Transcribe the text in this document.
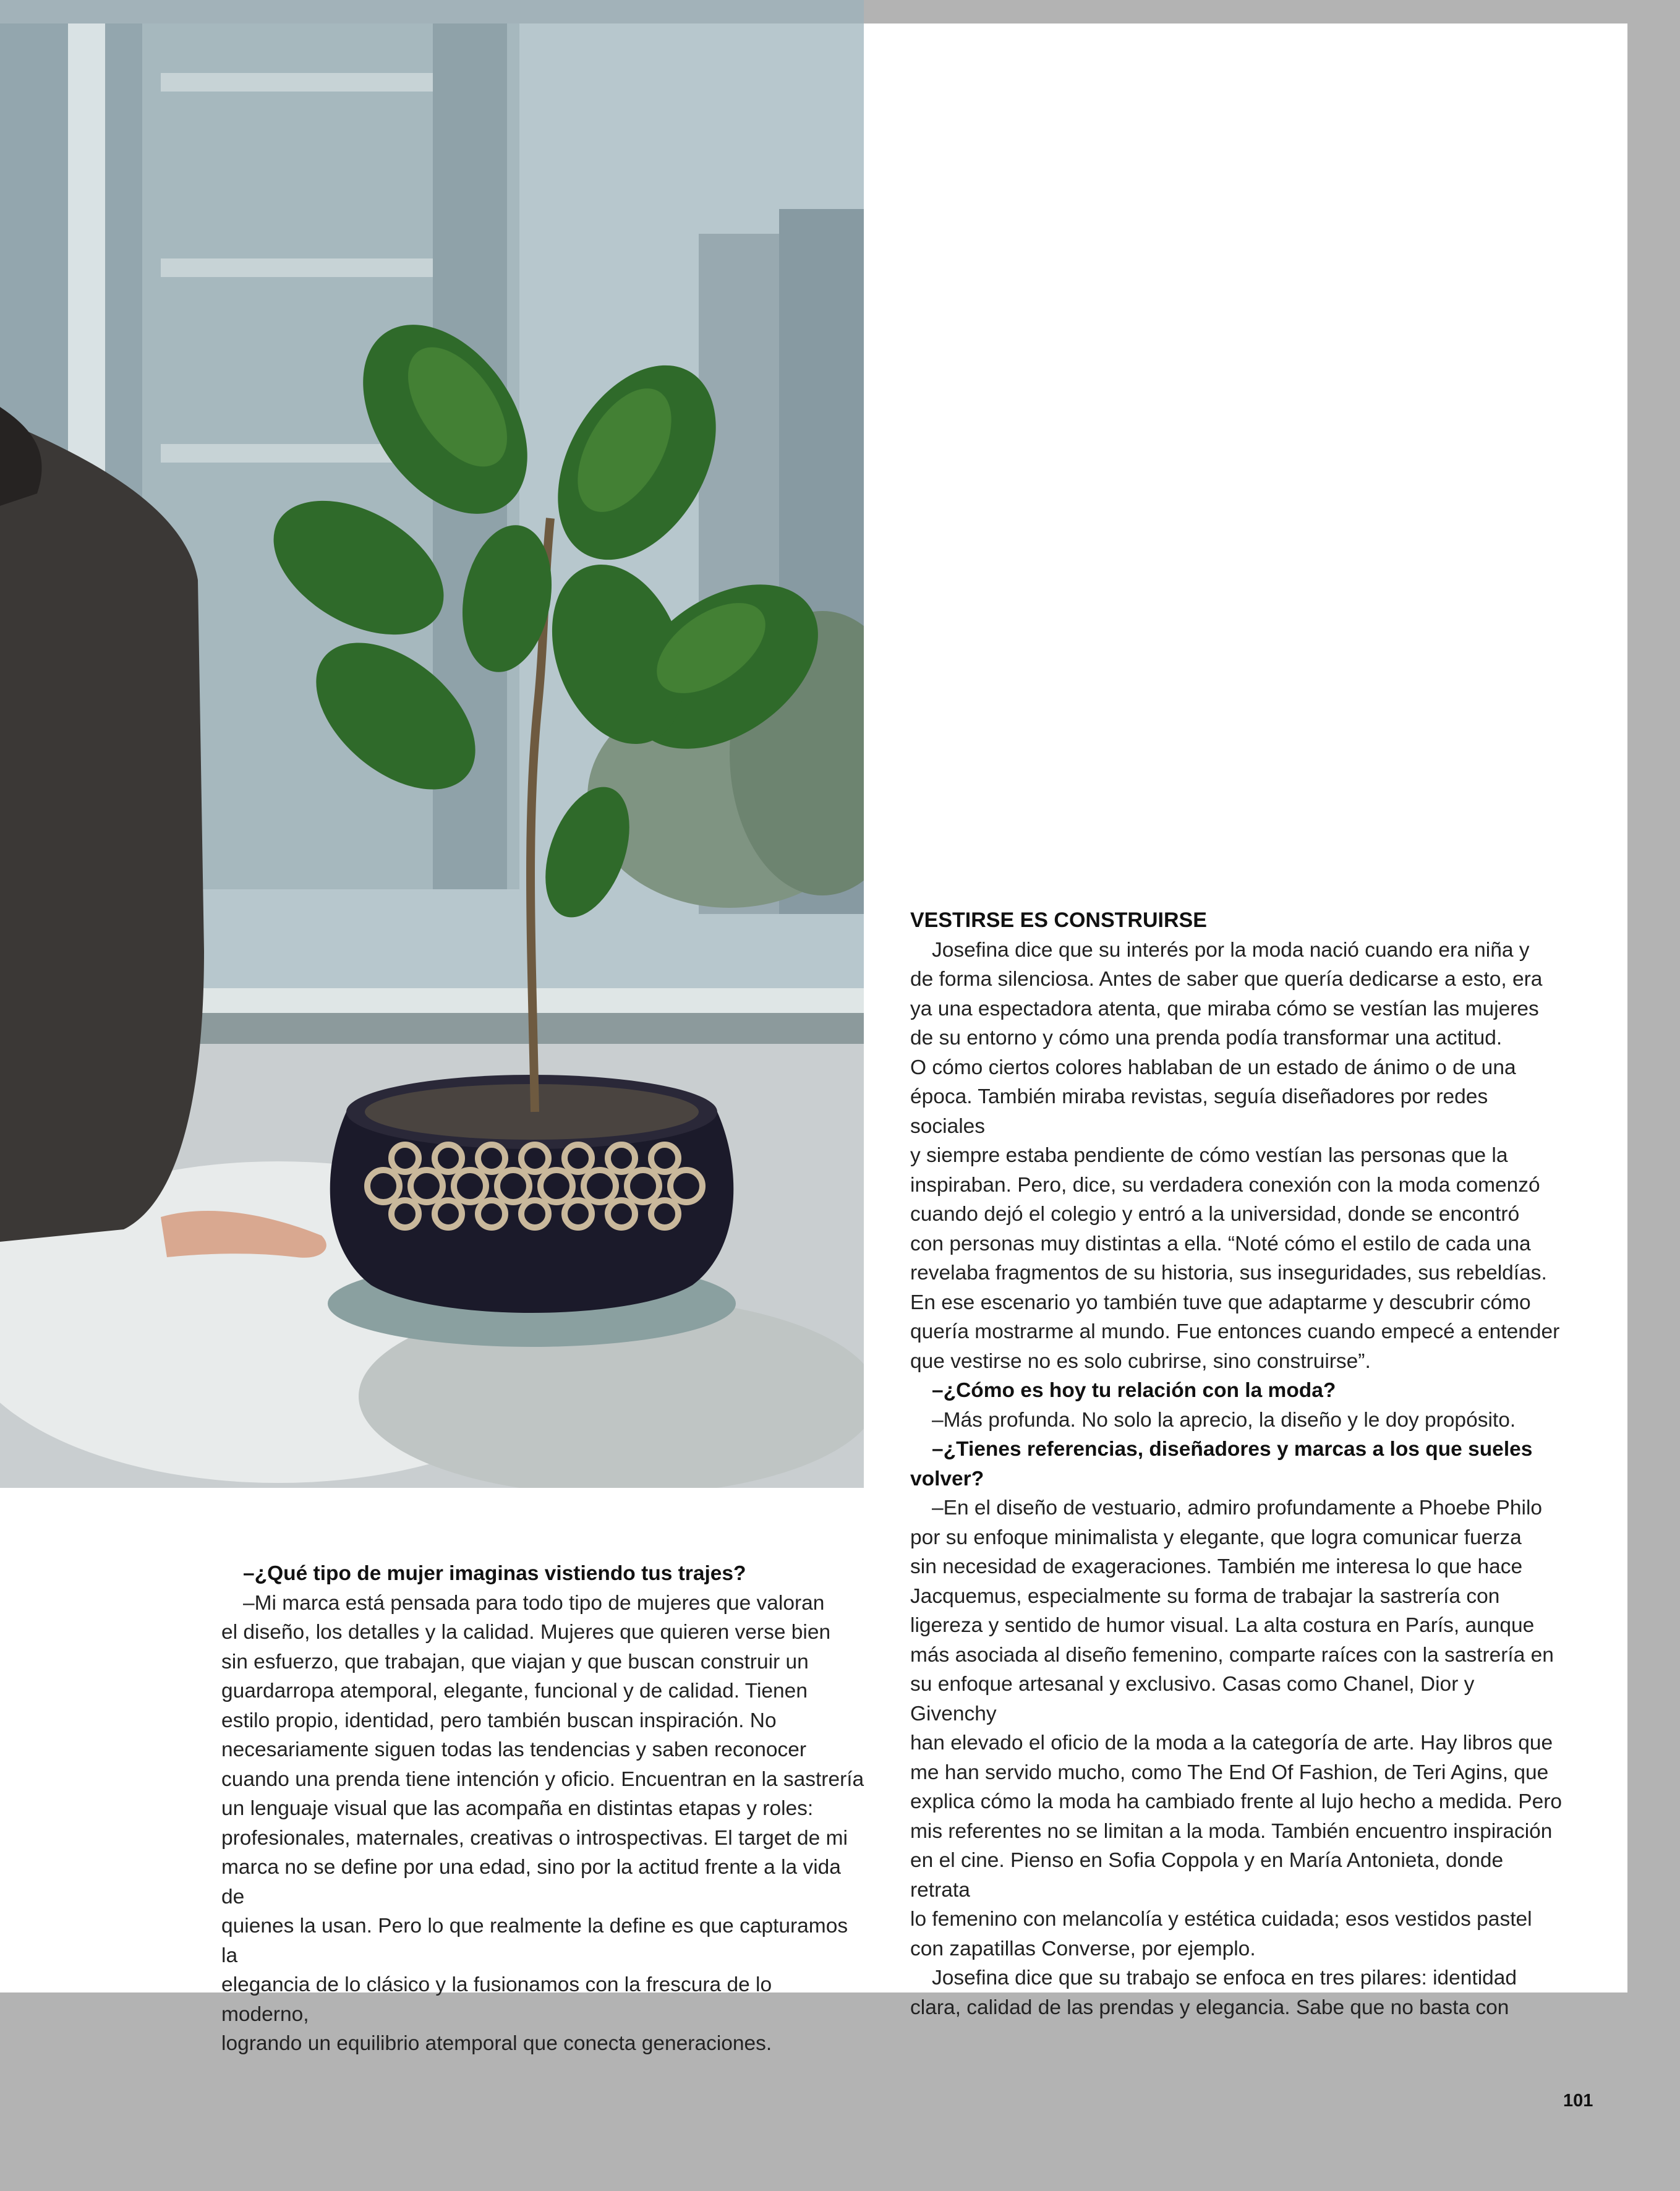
–¿Qué tipo de mujer imaginas vistiendo tus trajes?

–Mi marca está pensada para todo tipo de mujeres que valoran

el diseño, los detalles y la calidad. Mujeres que quieren verse bien

sin esfuerzo, que trabajan, que viajan y que buscan construir un

guardarropa atemporal, elegante, funcional y de calidad. Tienen

estilo propio, identidad, pero también buscan inspiración. No

necesariamente siguen todas las tendencias y saben reconocer

cuando una prenda tiene intención y oficio. Encuentran en la sastrería

un lenguaje visual que las acompaña en distintas etapas y roles:

profesionales, maternales, creativas o introspectivas. El target de mi

marca no se define por una edad, sino por la actitud frente a la vida de

quienes la usan. Pero lo que realmente la define es que capturamos la

elegancia de lo clásico y la fusionamos con la frescura de lo moderno,

logrando un equilibrio atemporal que conecta generaciones.

VESTIRSE ES CONSTRUIRSE

Josefina dice que su interés por la moda nació cuando era niña y

de forma silenciosa. Antes de saber que quería dedicarse a esto, era

ya una espectadora atenta, que miraba cómo se vestían las mujeres

de su entorno y cómo una prenda podía transformar una actitud.

O cómo ciertos colores hablaban de un estado de ánimo o de una

época. También miraba revistas, seguía diseñadores por redes sociales

y siempre estaba pendiente de cómo vestían las personas que la

inspiraban. Pero, dice, su verdadera conexión con la moda comenzó

cuando dejó el colegio y entró a la universidad, donde se encontró

con personas muy distintas a ella. “Noté cómo el estilo de cada una

revelaba fragmentos de su historia, sus inseguridades, sus rebeldías.

En ese escenario yo también tuve que adaptarme y descubrir cómo

quería mostrarme al mundo. Fue entonces cuando empecé a entender

que vestirse no es solo cubrirse, sino construirse”.

–¿Cómo es hoy tu relación con la moda?

–Más profunda. No solo la aprecio, la diseño y le doy propósito.

–¿Tienes referencias, diseñadores y marcas a los que sueles

volver?

–En el diseño de vestuario, admiro profundamente a Phoebe Philo

por su enfoque minimalista y elegante, que logra comunicar fuerza

sin necesidad de exageraciones. También me interesa lo que hace

Jacquemus, especialmente su forma de trabajar la sastrería con

ligereza y sentido de humor visual. La alta costura en París, aunque

más asociada al diseño femenino, comparte raíces con la sastrería en

su enfoque artesanal y exclusivo. Casas como Chanel, Dior y Givenchy

han elevado el oficio de la moda a la categoría de arte. Hay libros que

me han servido mucho, como The End Of Fashion, de Teri Agins, que

explica cómo la moda ha cambiado frente al lujo hecho a medida. Pero

mis referentes no se limitan a la moda. También encuentro inspiración

en el cine. Pienso en Sofia Coppola y en María Antonieta, donde retrata

lo femenino con melancolía y estética cuidada; esos vestidos pastel

con zapatillas Converse, por ejemplo.

Josefina dice que su trabajo se enfoca en tres pilares: identidad

clara, calidad de las prendas y elegancia. Sabe que no basta con

101
